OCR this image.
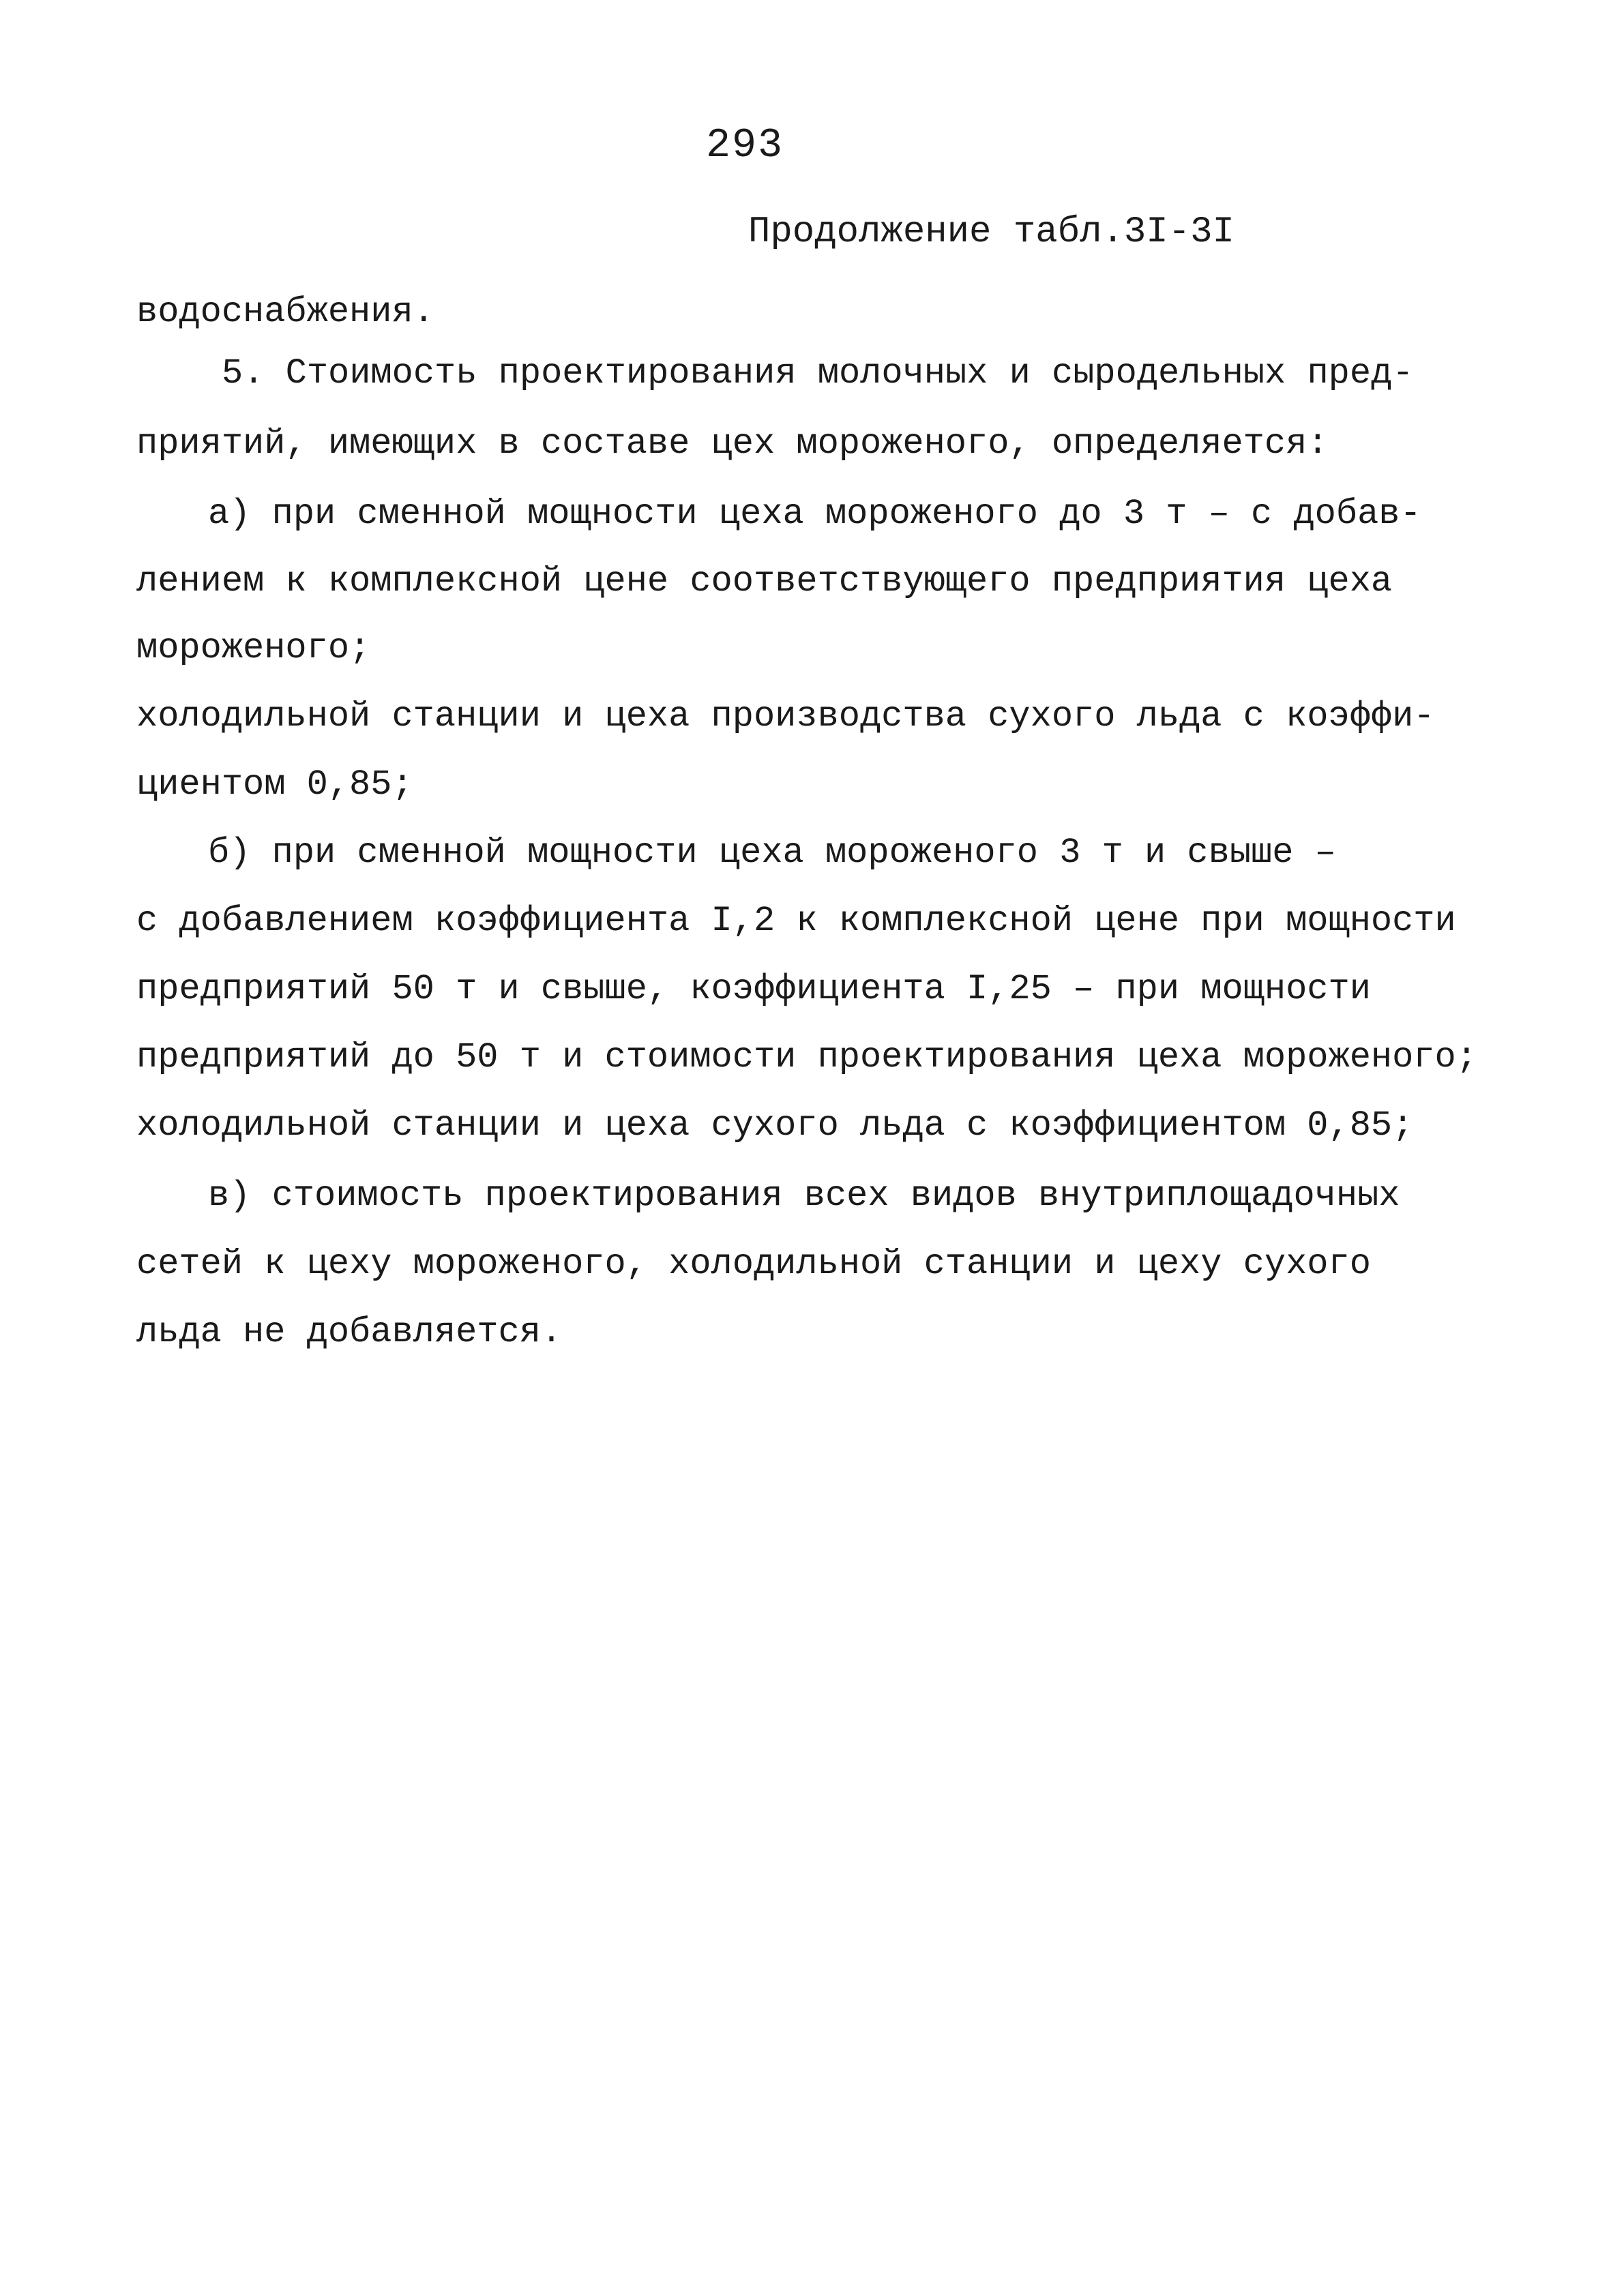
293
Продолжение табл.3I-3I
водоснабжения.
5. Стоимость проектирования молочных и сыродельных пред-
приятий, имеющих в составе цех мороженого, определяется:
а) при сменной мощности цеха мороженого до 3 т – с добав-
лением к комплексной цене соответствующего предприятия цеха
мороженого;
холодильной станции и цеха производства сухого льда с коэффи-
циентом 0,85;
б) при сменной мощности цеха мороженого 3 т и свыше –
с добавлением коэффициента I,2 к комплексной цене при мощности
предприятий 50 т и свыше, коэффициента I,25 – при мощности
предприятий до 50 т и стоимости проектирования цеха мороженого;
холодильной станции и цеха сухого льда с коэффициентом 0,85;
в) стоимость проектирования всех видов внутриплощадочных
сетей к цеху мороженого, холодильной станции и цеху сухого
льда не добавляется.
